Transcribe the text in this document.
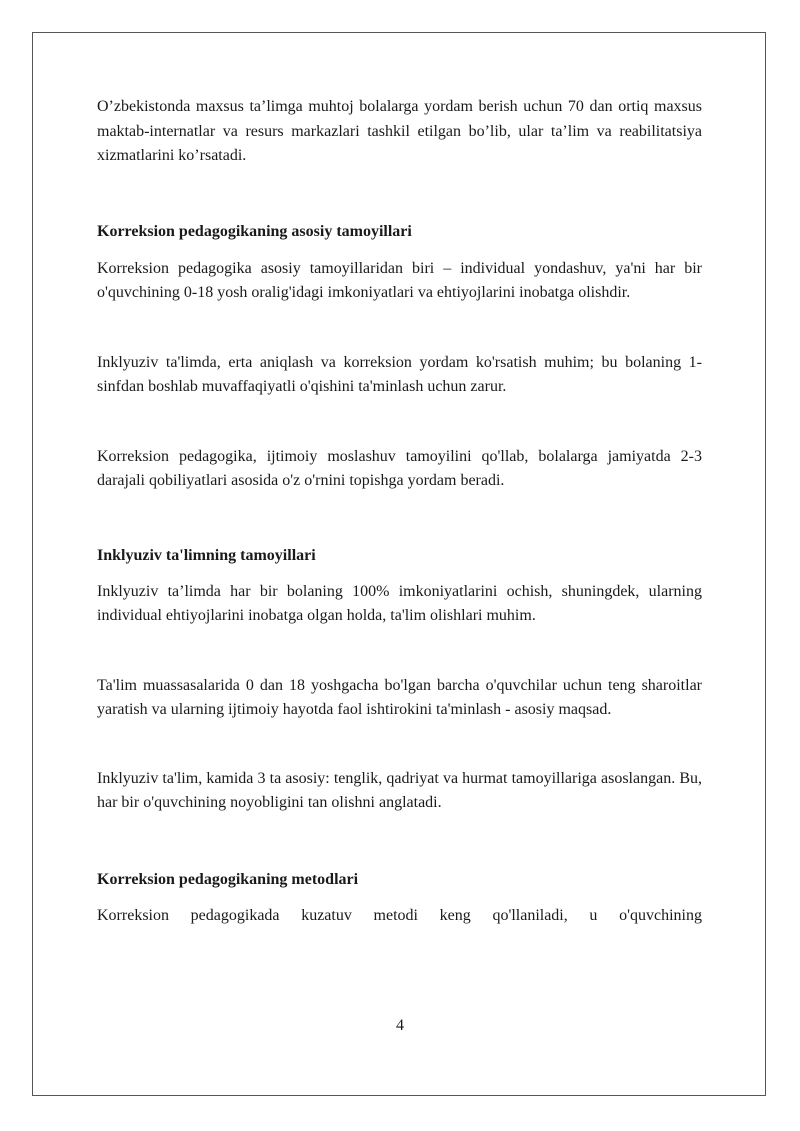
O’zbekistonda maxsus ta’limga muhtoj bolalarga yordam berish uchun 70 dan ortiq maxsus maktab-internatlar va resurs markazlari tashkil etilgan bo’lib, ular ta’lim va reabilitatsiya xizmatlarini ko’rsatadi.

Korreksion pedagogikaning asosiy tamoyillari

Korreksion pedagogika asosiy tamoyillaridan biri – individual yondashuv, ya'ni har bir o'quvchining 0-18 yosh oralig'idagi imkoniyatlari va ehtiyojlarini inobatga olishdir.

Inklyuziv ta'limda, erta aniqlash va korreksion yordam ko'rsatish muhim; bu bolaning 1-sinfdan boshlab muvaffaqiyatli o'qishini ta'minlash uchun zarur.

Korreksion pedagogika, ijtimoiy moslashuv tamoyilini qo'llab, bolalarga jamiyatda 2-3 darajali qobiliyatlari asosida o'z o'rnini topishga yordam beradi.

Inklyuziv ta'limning tamoyillari

Inklyuziv ta’limda har bir bolaning 100% imkoniyatlarini ochish, shuningdek, ularning individual ehtiyojlarini inobatga olgan holda, ta'lim olishlari muhim.

Ta'lim muassasalarida 0 dan 18 yoshgacha bo'lgan barcha o'quvchilar uchun teng sharoitlar yaratish va ularning ijtimoiy hayotda faol ishtirokini ta'minlash - asosiy maqsad.

Inklyuziv ta'lim, kamida 3 ta asosiy: tenglik, qadriyat va hurmat tamoyillariga asoslangan. Bu, har bir o'quvchining noyobligini tan olishni anglatadi.

Korreksion pedagogikaning metodlari

Korreksion pedagogikada kuzatuv metodi keng qo'llaniladi, u o'quvchining

4
